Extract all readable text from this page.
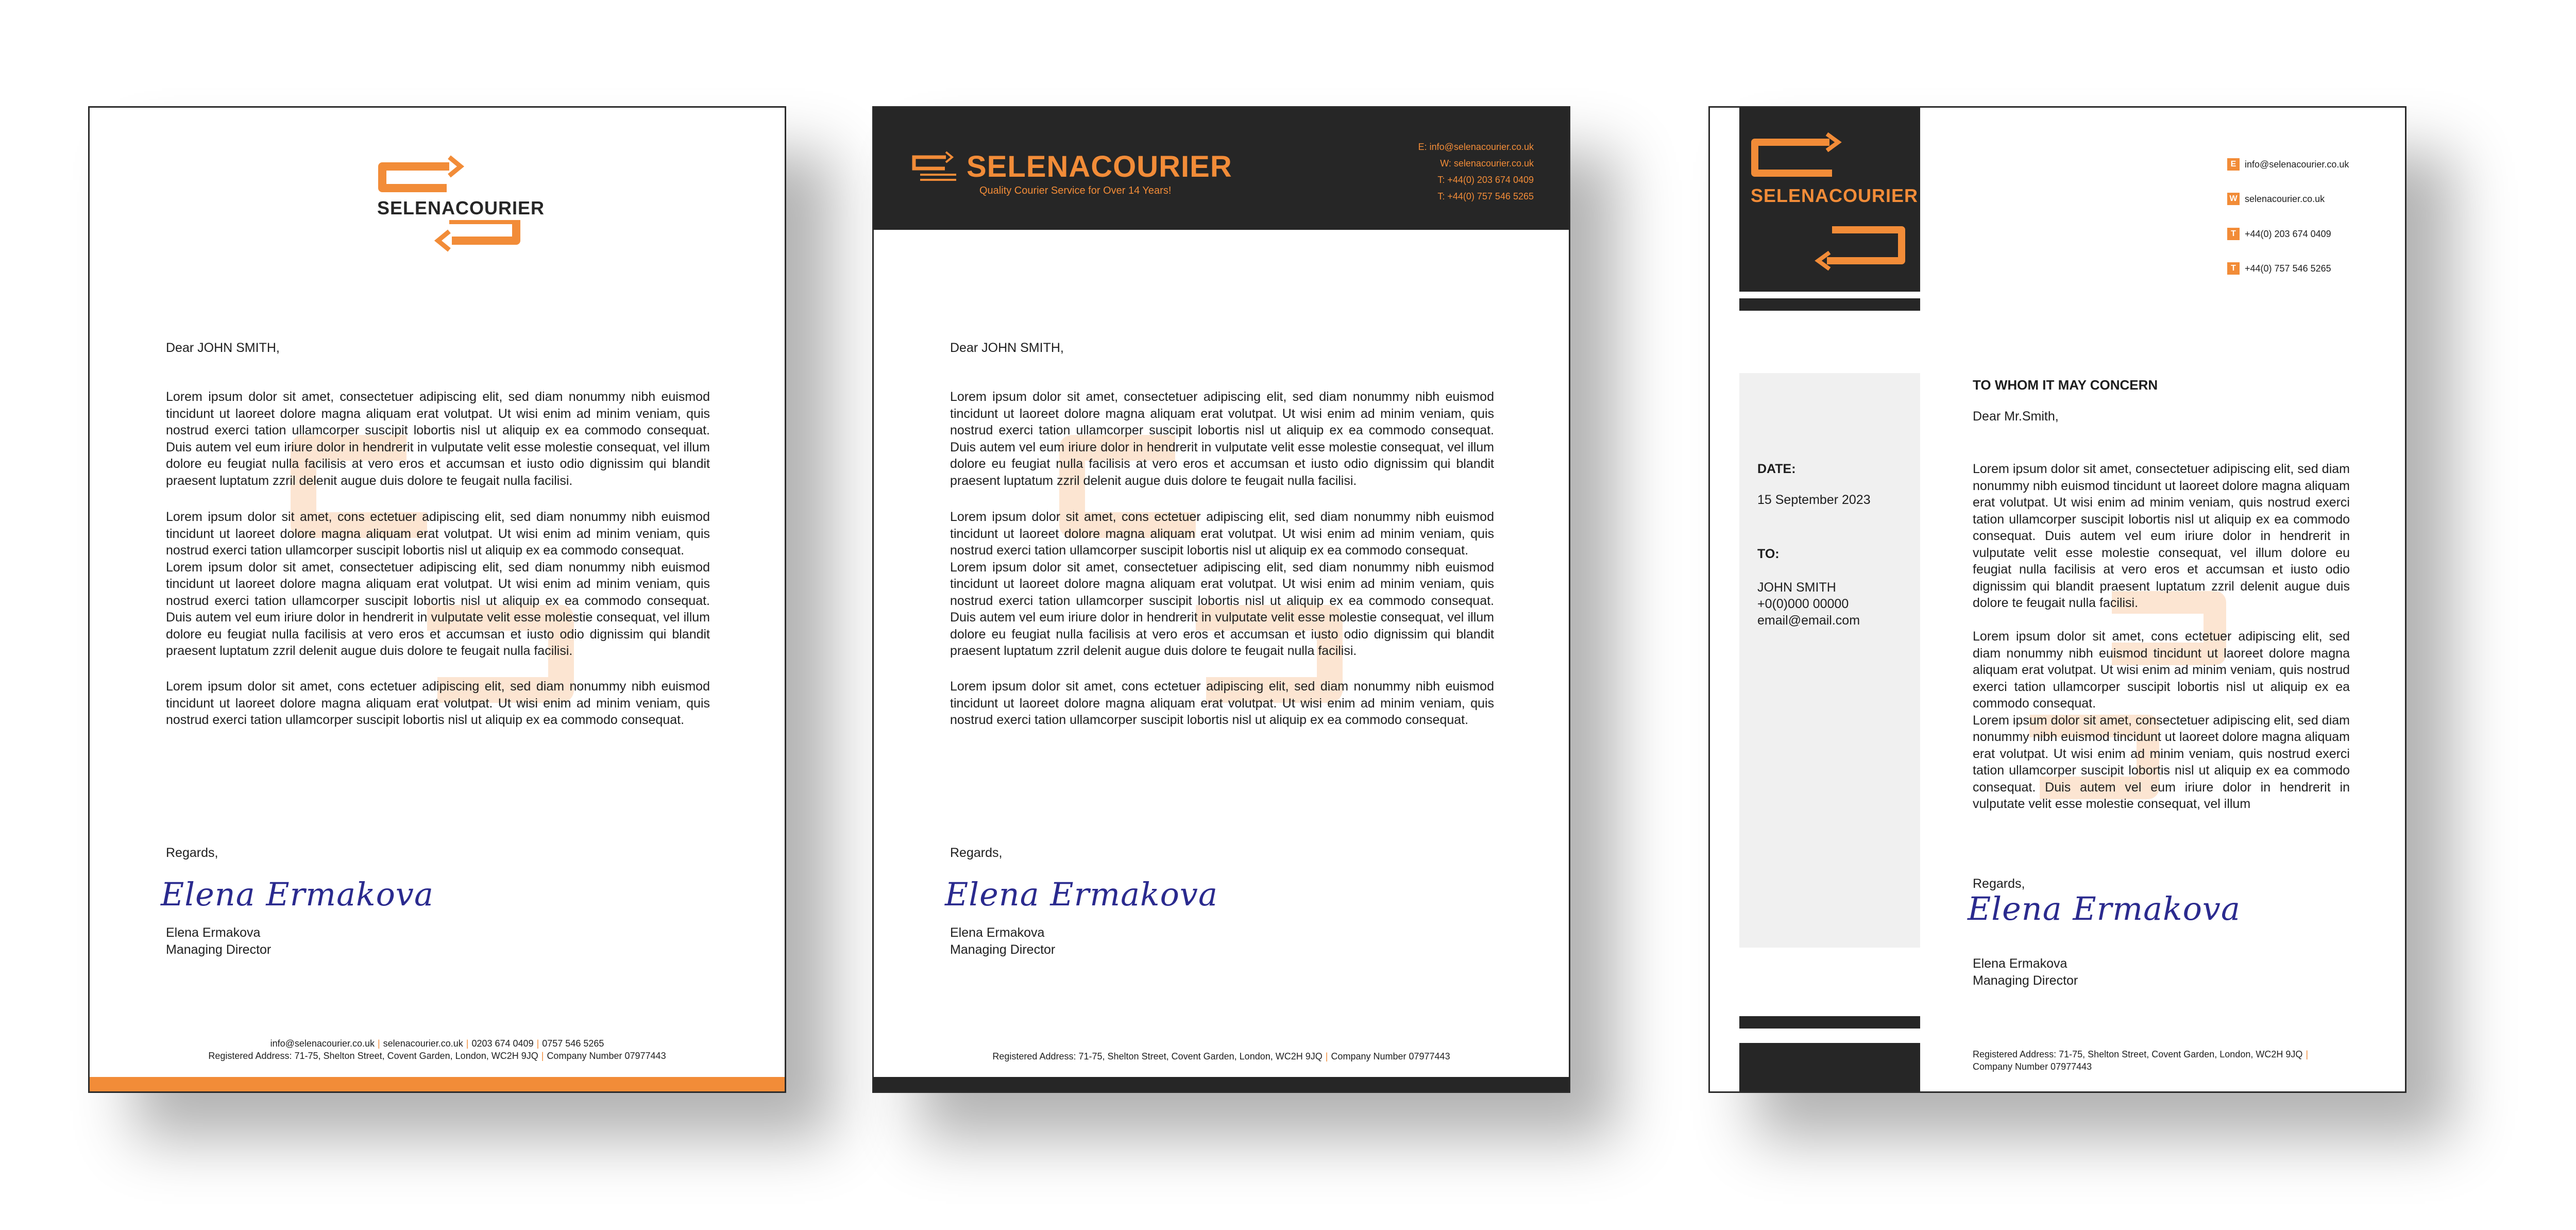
SELENACOURIER
Dear JOHN SMITH,
Lorem ipsum dolor sit amet, consectetuer adipiscing elit, sed diam nonummy nibh euismod tincidunt ut laoreet dolore magna aliquam erat volutpat. Ut wisi enim ad minim veniam, quis nostrud exerci tation ullamcorper suscipit lobortis nisl ut aliquip ex ea commodo consequat. Duis autem vel eum iriure dolor in hendrerit in vulputate velit esse molestie consequat, vel illum dolore eu feugiat nulla facilisis at vero eros et accumsan et iusto odio dignissim qui blandit praesent luptatum zzril delenit augue duis dolore te feugait nulla facilisi.
Lorem ipsum dolor sit amet, cons ectetuer adipiscing elit, sed diam nonummy nibh euismod tincidunt ut laoreet dolore magna aliquam erat volutpat. Ut wisi enim ad minim veniam, quis nostrud exerci tation ullamcorper suscipit lobortis nisl ut aliquip ex ea commodo consequat.
Lorem ipsum dolor sit amet, consectetuer adipiscing elit, sed diam nonummy nibh euismod tincidunt ut laoreet dolore magna aliquam erat volutpat. Ut wisi enim ad minim veniam, quis nostrud exerci tation ullamcorper suscipit lobortis nisl ut aliquip ex ea commodo consequat. Duis autem vel eum iriure dolor in hendrerit in vulputate velit esse molestie consequat, vel illum dolore eu feugiat nulla facilisis at vero eros et accumsan et iusto odio dignissim qui blandit praesent luptatum zzril delenit augue duis dolore te feugait nulla facilisi.
Lorem ipsum dolor sit amet, cons ectetuer adipiscing elit, sed diam nonummy nibh euismod tincidunt ut laoreet dolore magna aliquam erat volutpat. Ut wisi enim ad minim veniam, quis nostrud exerci tation ullamcorper suscipit lobortis nisl ut aliquip ex ea commodo consequat.
Regards,
Elena Ermakova
Elena Ermakova
Managing Director
info@selenacourier.co.uk | selenacourier.co.uk | 0203 674 0409 | 0757 546 5265
Registered Address: 71-75, Shelton Street, Covent Garden, London, WC2H 9JQ | Company Number 07977443
SELENACOURIER
Quality Courier Service for Over 14 Years!
E: info@selenacourier.co.uk
W: selenacourier.co.uk
T: +44(0) 203 674 0409
T: +44(0) 757 546 5265
Dear JOHN SMITH,
Lorem ipsum dolor sit amet, consectetuer adipiscing elit, sed diam nonummy nibh euismod tincidunt ut laoreet dolore magna aliquam erat volutpat. Ut wisi enim ad minim veniam, quis nostrud exerci tation ullamcorper suscipit lobortis nisl ut aliquip ex ea commodo consequat. Duis autem vel eum iriure dolor in hendrerit in vulputate velit esse molestie consequat, vel illum dolore eu feugiat nulla facilisis at vero eros et accumsan et iusto odio dignissim qui blandit praesent luptatum zzril delenit augue duis dolore te feugait nulla facilisi.
Lorem ipsum dolor sit amet, cons ectetuer adipiscing elit, sed diam nonummy nibh euismod tincidunt ut laoreet dolore magna aliquam erat volutpat. Ut wisi enim ad minim veniam, quis nostrud exerci tation ullamcorper suscipit lobortis nisl ut aliquip ex ea commodo consequat.
Lorem ipsum dolor sit amet, consectetuer adipiscing elit, sed diam nonummy nibh euismod tincidunt ut laoreet dolore magna aliquam erat volutpat. Ut wisi enim ad minim veniam, quis nostrud exerci tation ullamcorper suscipit lobortis nisl ut aliquip ex ea commodo consequat. Duis autem vel eum iriure dolor in hendrerit in vulputate velit esse molestie consequat, vel illum dolore eu feugiat nulla facilisis at vero eros et accumsan et iusto odio dignissim qui blandit praesent luptatum zzril delenit augue duis dolore te feugait nulla facilisi.
Lorem ipsum dolor sit amet, cons ectetuer adipiscing elit, sed diam nonummy nibh euismod tincidunt ut laoreet dolore magna aliquam erat volutpat. Ut wisi enim ad minim veniam, quis nostrud exerci tation ullamcorper suscipit lobortis nisl ut aliquip ex ea commodo consequat.
Regards,
Elena Ermakova
Elena Ermakova
Managing Director
Registered Address: 71-75, Shelton Street, Covent Garden, London, WC2H 9JQ | Company Number 07977443
SELENACOURIER
E info@selenacourier.co.uk
W selenacourier.co.uk
T +44(0) 203 674 0409
T +44(0) 757 546 5265
DATE:
15 September 2023
TO:
JOHN SMITH
+0(0)000 00000
email@email.com
TO WHOM IT MAY CONCERN
Dear Mr.Smith,
Lorem ipsum dolor sit amet, consectetuer adipiscing elit, sed diam nonummy nibh euismod tincidunt ut laoreet dolore magna aliquam erat volutpat. Ut wisi enim ad minim veniam, quis nostrud exerci tation ullamcorper suscipit lobortis nisl ut aliquip ex ea commodo consequat. Duis autem vel eum iriure dolor in hendrerit in vulputate velit esse molestie consequat, vel illum dolore eu feugiat nulla facilisis at vero eros et accumsan et iusto odio dignissim qui blandit praesent luptatum zzril delenit augue duis dolore te feugait nulla facilisi.
Lorem ipsum dolor sit amet, cons ectetuer adipiscing elit, sed diam nonummy nibh euismod tincidunt ut laoreet dolore magna aliquam erat volutpat. Ut wisi enim ad minim veniam, quis nostrud exerci tation ullamcorper suscipit lobortis nisl ut aliquip ex ea commodo consequat.
Lorem ipsum dolor sit amet, consectetuer adipiscing elit, sed diam nonummy nibh euismod tincidunt ut laoreet dolore magna aliquam erat volutpat. Ut wisi enim ad minim veniam, quis nostrud exerci tation ullamcorper suscipit lobortis nisl ut aliquip ex ea commodo consequat. Duis autem vel eum iriure dolor in hendrerit in vulputate velit esse molestie consequat, vel illum
Regards,
Elena Ermakova
Elena Ermakova
Managing Director
Registered Address: 71-75, Shelton Street, Covent Garden, London, WC2H 9JQ |
Company Number 07977443
